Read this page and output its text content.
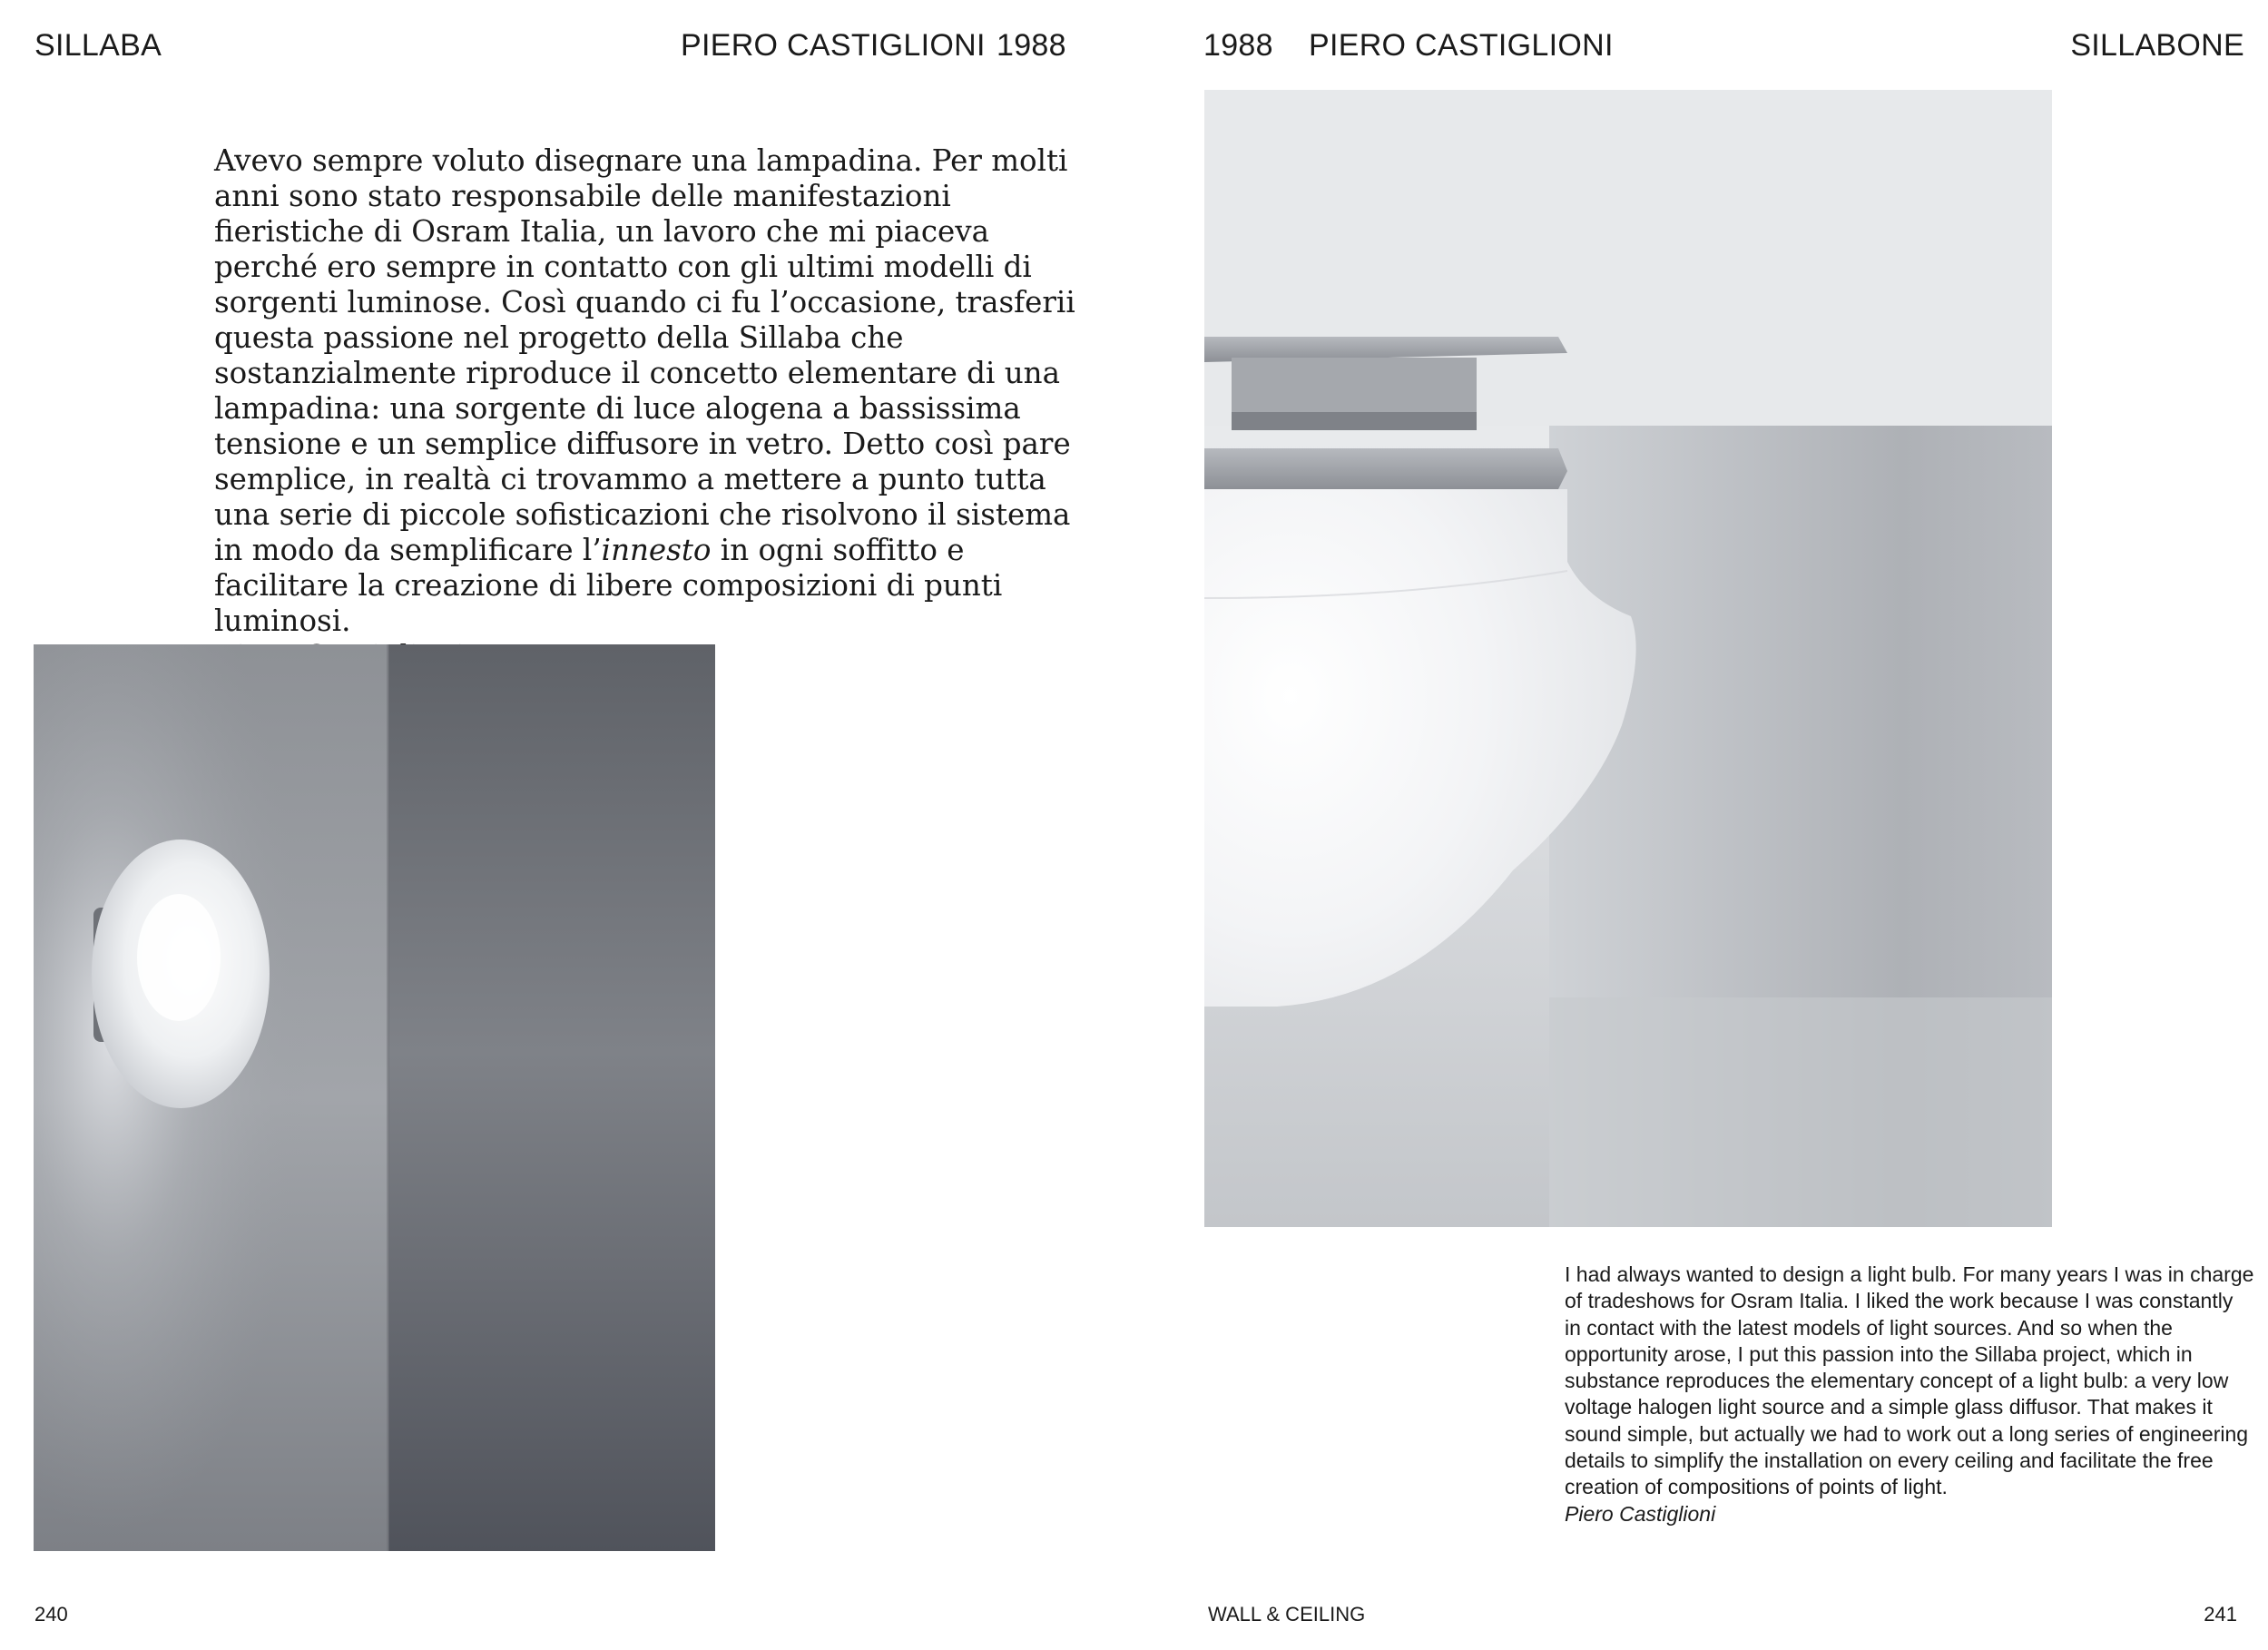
SILLABA	PIERO CASTIGLIONI 1988	1988 PIERO CASTIGLIONI	SILLABONE

Avevo sempre voluto disegnare una lampadina. Per molti anni sono stato responsabile delle manifestazioni fieristiche di Osram Italia, un lavoro che mi piaceva perché ero sempre in contatto con gli ultimi modelli di sorgenti luminose. Così quando ci fu l’occasione, trasferii questa passione nel progetto della Sillaba che sostanzialmente riproduce il concetto elementare di una lampadina: una sorgente di luce alogena a bassissima tensione e un semplice diffusore in vetro. Detto così pare semplice, in realtà ci trovammo a mettere a punto tutta una serie di piccole sofisticazioni che risolvono il sistema in modo da semplificare l’innesto in ogni soffitto e facilitare la creazione di libere composizioni di punti luminosi.

I had always wanted to design a light bulb. For many years I was in charge of tradeshows for Osram Italia. I liked the work because I was constantly in contact with the latest models of light sources. And so when the opportunity arose, I put this passion into the Sillaba project, which in substance reproduces the elementary concept of a light bulb: a very low voltage halogen light source and a simple glass diffusor. That makes it sound simple, but actually we had to work out a long series of engineering details to simplify the installation on every ceiling and facilitate the free creation of compositions of points of light.

Piero Castiglioni

240	WALL & CEILING	241
